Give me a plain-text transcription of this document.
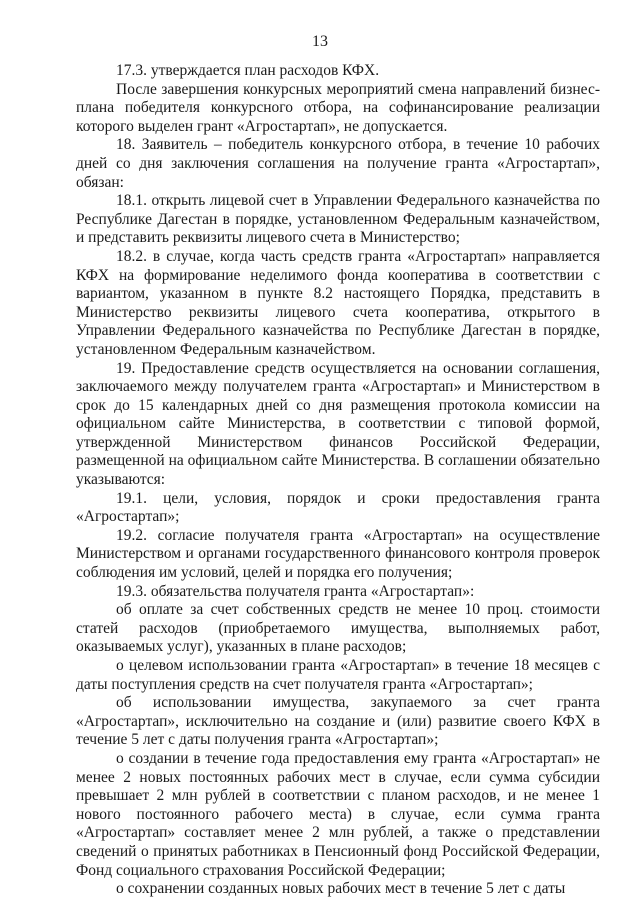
13

17.3. утверждается план расходов КФХ.

После завершения конкурсных мероприятий смена направлений бизнес-плана победителя конкурсного отбора, на софинансирование реализации которого выделен грант «Агростартап», не допускается.

18. Заявитель – победитель конкурсного отбора, в течение 10 рабочих дней со дня заключения соглашения на получение гранта «Агростартап», обязан:

18.1. открыть лицевой счет в Управлении Федерального казначейства по Республике Дагестан в порядке, установленном Федеральным казначейством, и представить реквизиты лицевого счета в Министерство;

18.2. в случае, когда часть средств гранта «Агростартап» направляется КФХ на формирование неделимого фонда кооператива в соответствии с вариантом, указанном в пункте 8.2 настоящего Порядка, представить в Министерство реквизиты лицевого счета кооператива, открытого в Управлении Федерального казначейства по Республике Дагестан в порядке, установленном Федеральным казначейством.

19. Предоставление средств осуществляется на основании соглашения, заключаемого между получателем гранта «Агростартап» и Министерством в срок до 15 календарных дней со дня размещения протокола комиссии на официальном сайте Министерства, в соответствии с типовой формой, утвержденной Министерством финансов Российской Федерации, размещенной на официальном сайте Министерства. В соглашении обязательно указываются:

19.1. цели, условия, порядок и сроки предоставления гранта «Агростартап»;

19.2. согласие получателя гранта «Агростартап» на осуществление Министерством и органами государственного финансового контроля проверок соблюдения им условий, целей и порядка его получения;

19.3. обязательства получателя гранта «Агростартап»:

об оплате за счет собственных средств не менее 10 проц. стоимости статей расходов (приобретаемого имущества, выполняемых работ, оказываемых услуг), указанных в плане расходов;

о целевом использовании гранта «Агростартап» в течение 18 месяцев с даты поступления средств на счет получателя гранта «Агростартап»;

об использовании имущества, закупаемого за счет гранта «Агростартап», исключительно на создание и (или) развитие своего КФХ в течение 5 лет с даты получения гранта «Агростартап»;

о создании в течение года предоставления ему гранта «Агростартап» не менее 2 новых постоянных рабочих мест в случае, если сумма субсидии превышает 2 млн рублей в соответствии с планом расходов, и не менее 1 нового постоянного рабочего места) в случае, если сумма гранта «Агростартап» составляет менее 2 млн рублей, а также о представлении сведений о принятых работниках в Пенсионный фонд Российской Федерации, Фонд социального страхования Российской Федерации;

о сохранении созданных новых рабочих мест в течение 5 лет с даты
